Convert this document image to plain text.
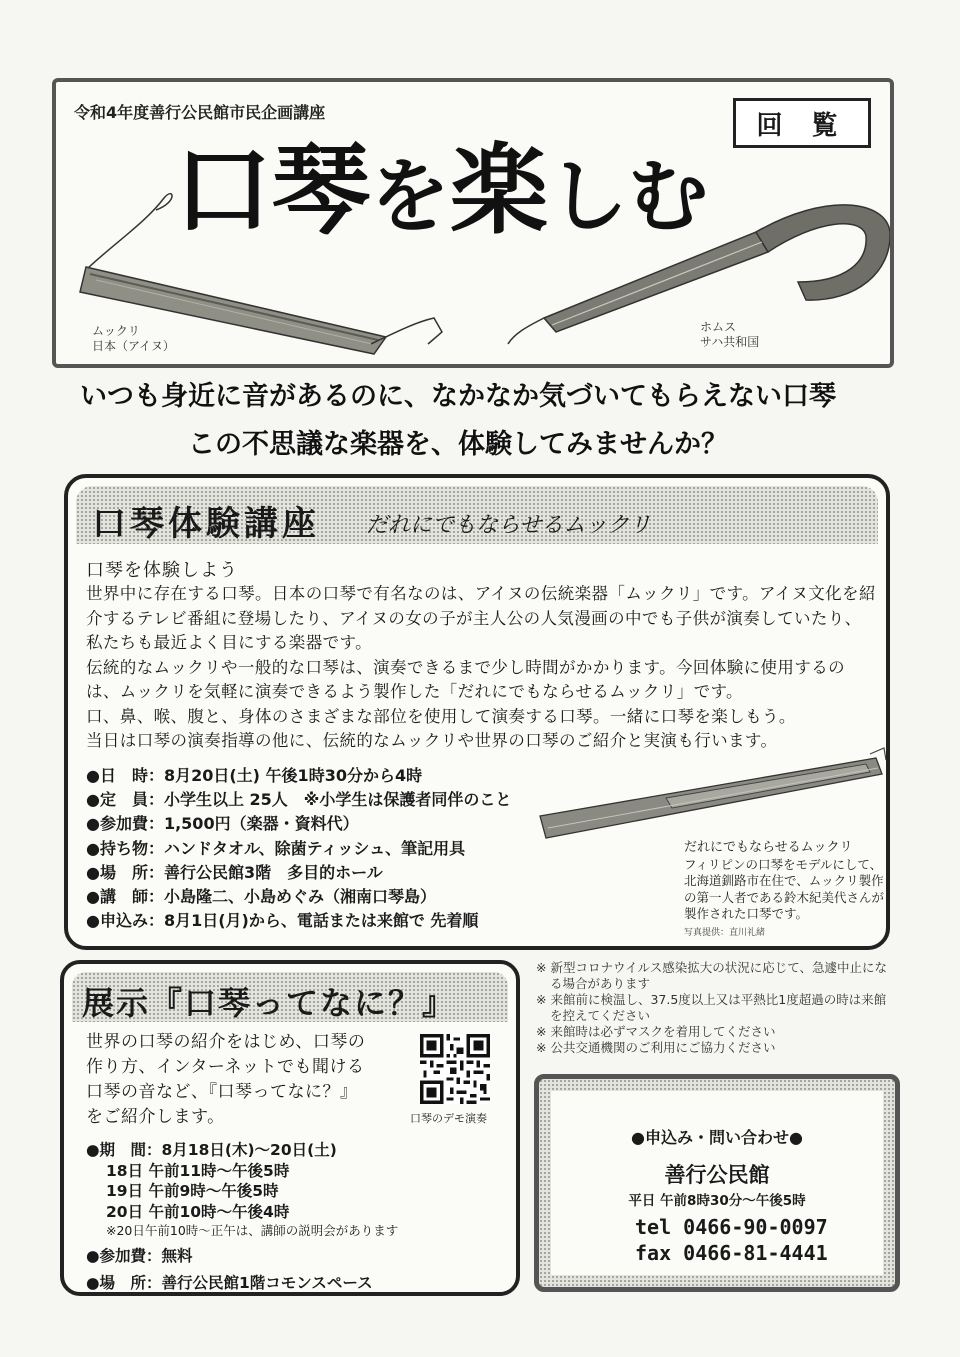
令和4年度善行公民館市民企画講座	回 覧
口琴を楽しむ
ムックリ
日本（アイヌ）
ホムス
サハ共和国
いつも身近に音があるのに、なかなか気づいてもらえない口琴
この不思議な楽器を、体験してみませんか？
口琴体験講座 だれにでもならせるムックリ
口琴を体験しよう

世界中に存在する口琴。日本の口琴で有名なのは、アイヌの伝統楽器「ムックリ」です。アイヌ文化を紹介するテレビ番組に登場したり、アイヌの女の子が主人公の人気漫画の中でも子供が演奏していたり、私たちも最近よく目にする楽器です。

伝統的なムックリや一般的な口琴は、演奏できるまで少し時間がかかります。今回体験に使用するのは、ムックリを気軽に演奏できるよう製作した「だれにでもならせるムックリ」です。

口、鼻、喉、腹と、身体のさまざまな部位を使用して演奏する口琴。一緒に口琴を楽しもう。

当日は口琴の演奏指導の他に、伝統的なムックリや世界の口琴のご紹介と実演も行います。

●日　時：8月20日(土) 午後1時30分から4時
●定　員：小学生以上 25人　※小学生は保護者同伴のこと
●参加費：1,500円（楽器・資料代）
●持ち物：ハンドタオル、除菌ティッシュ、筆記用具
●場　所：善行公民館3階　多目的ホール
●講　師：小島隆二、小島めぐみ（湘南口琴島）
●申込み：8月1日(月)から、電話または来館で 先着順
だれにでもならせるムックリ
フィリピンの口琴をモデルにして、北海道釧路市在住で、ムックリ製作の第一人者である鈴木紀美代さんが製作された口琴です。
写真提供：直川礼緒
展示『口琴ってなに？』

世界の口琴の紹介をはじめ、口琴の

作り方、インターネットでも聞ける

口琴の音など、『口琴ってなに？』

をご紹介します。	口琴のデモ演奏
●期　間：8月18日(木)〜20日(土)
18日 午前11時〜午後5時
19日 午前9時〜午後5時
20日 午前10時〜午後4時
※20日午前10時〜正午は、講師の説明会があります
●参加費：無料
●場　所：善行公民館1階コモンスペース
※ 新型コロナウイルス感染拡大の状況に応じて、急遽中止になる場合があります
※ 来館前に検温し、37.5度以上又は平熱比1度超過の時は来館を控えてください
※ 来館時は必ずマスクを着用してください
※ 公共交通機関のご利用にご協力ください
●申込み・問い合わせ●
善行公民館
平日 午前8時30分〜午後5時
tel 0466-90-0097
fax 0466-81-4441
